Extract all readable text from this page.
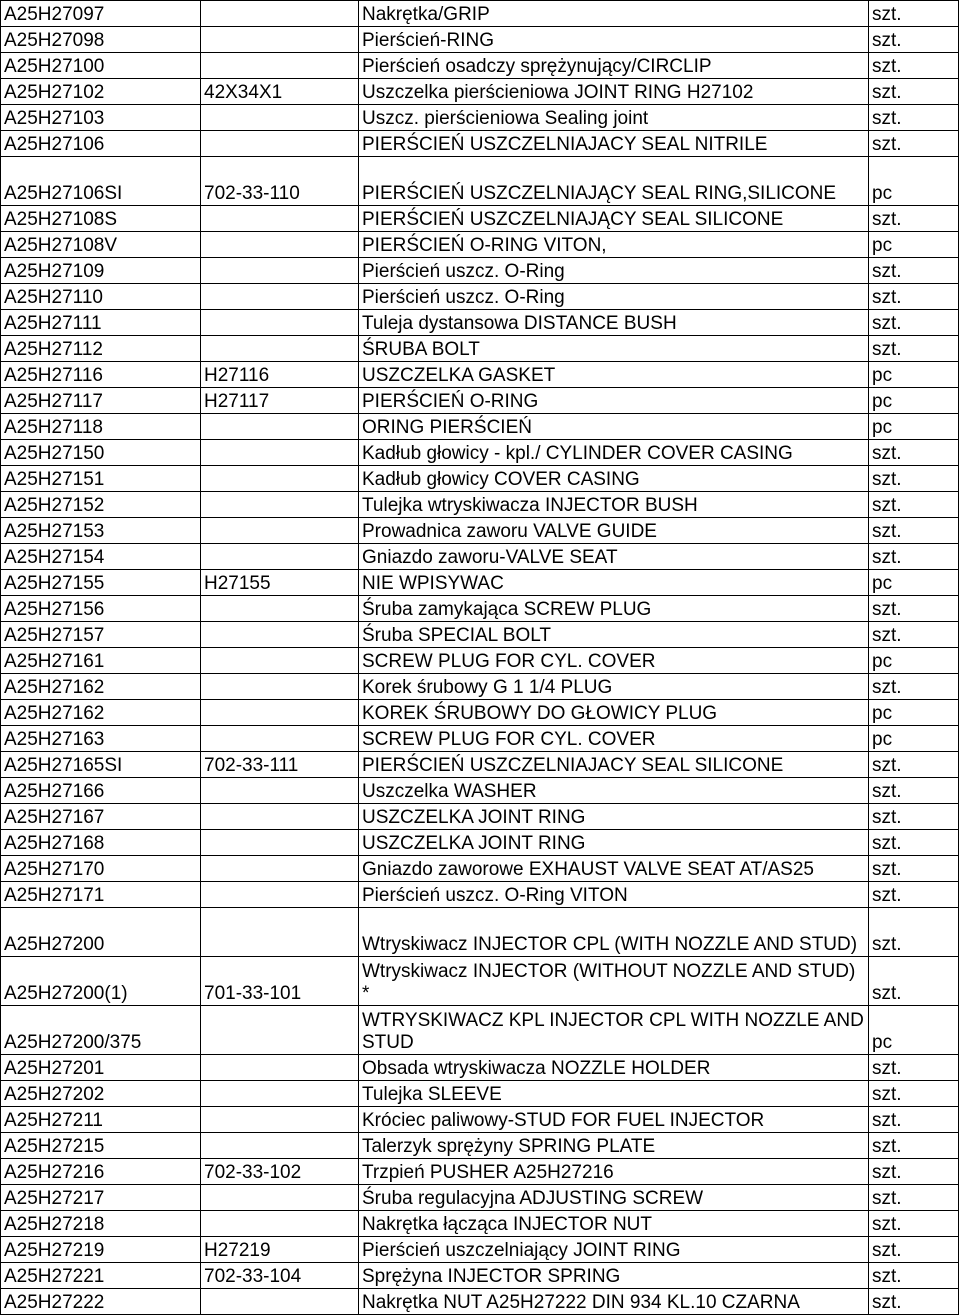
A25H27097		Nakrętka/GRIP	szt.
A25H27098		Pierścień-RING	szt.
A25H27100		Pierścień osadczy sprężynujący/CIRCLIP	szt.
A25H27102	42X34X1	Uszczelka pierścieniowa JOINT RING H27102	szt.
A25H27103		Uszcz. pierścieniowa Sealing joint	szt.
A25H27106		PIERŚCIEŃ USZCZELNIAJACY SEAL NITRILE	szt.
A25H27106SI	702-33-110	PIERŚCIEŃ USZCZELNIAJĄCY SEAL RING,SILICONE	pc
A25H27108S		PIERŚCIEŃ USZCZELNIAJĄCY SEAL SILICONE	szt.
A25H27108V		PIERŚCIEŃ O-RING VITON,	pc
A25H27109		Pierścień uszcz. O-Ring	szt.
A25H27110		Pierścień uszcz. O-Ring	szt.
A25H27111		Tuleja dystansowa DISTANCE BUSH	szt.
A25H27112		ŚRUBA BOLT	szt.
A25H27116	H27116	USZCZELKA GASKET	pc
A25H27117	H27117	PIERŚCIEŃ O-RING	pc
A25H27118		ORING PIERŚCIEŃ	pc
A25H27150		Kadłub głowicy - kpl./ CYLINDER COVER CASING	szt.
A25H27151		Kadłub głowicy COVER CASING	szt.
A25H27152		Tulejka wtryskiwacza INJECTOR BUSH	szt.
A25H27153		Prowadnica zaworu VALVE GUIDE	szt.
A25H27154		Gniazdo zaworu-VALVE SEAT	szt.
A25H27155	H27155	NIE WPISYWAC	pc
A25H27156		Śruba zamykająca SCREW PLUG	szt.
A25H27157		Śruba SPECIAL BOLT	szt.
A25H27161		SCREW PLUG FOR CYL. COVER	pc
A25H27162		Korek śrubowy G 1 1/4 PLUG	szt.
A25H27162		KOREK ŚRUBOWY DO GŁOWICY PLUG	pc
A25H27163		SCREW PLUG FOR CYL. COVER	pc
A25H27165SI	702-33-111	PIERŚCIEŃ USZCZELNIAJACY SEAL SILICONE	szt.
A25H27166		Uszczelka WASHER	szt.
A25H27167		USZCZELKA JOINT RING	szt.
A25H27168		USZCZELKA JOINT RING	szt.
A25H27170		Gniazdo zaworowe EXHAUST VALVE SEAT AT/AS25	szt.
A25H27171		Pierścień uszcz. O-Ring VITON	szt.
A25H27200		Wtryskiwacz INJECTOR CPL (WITH NOZZLE AND STUD)	szt.
A25H27200(1)	701-33-101	Wtryskiwacz INJECTOR (WITHOUT NOZZLE AND STUD) *	szt.
A25H27200/375		WTRYSKIWACZ KPL INJECTOR CPL WITH NOZZLE AND STUD	pc
A25H27201		Obsada wtryskiwacza NOZZLE HOLDER	szt.
A25H27202		Tulejka SLEEVE	szt.
A25H27211		Króciec paliwowy-STUD FOR FUEL INJECTOR	szt.
A25H27215		Talerzyk sprężyny SPRING PLATE	szt.
A25H27216	702-33-102	Trzpień PUSHER A25H27216	szt.
A25H27217		Śruba regulacyjna ADJUSTING SCREW	szt.
A25H27218		Nakrętka łącząca INJECTOR NUT	szt.
A25H27219	H27219	Pierścień uszczelniający JOINT RING	szt.
A25H27221	702-33-104	Sprężyna INJECTOR SPRING	szt.
A25H27222		Nakrętka NUT A25H27222 DIN 934 KL.10 CZARNA	szt.
